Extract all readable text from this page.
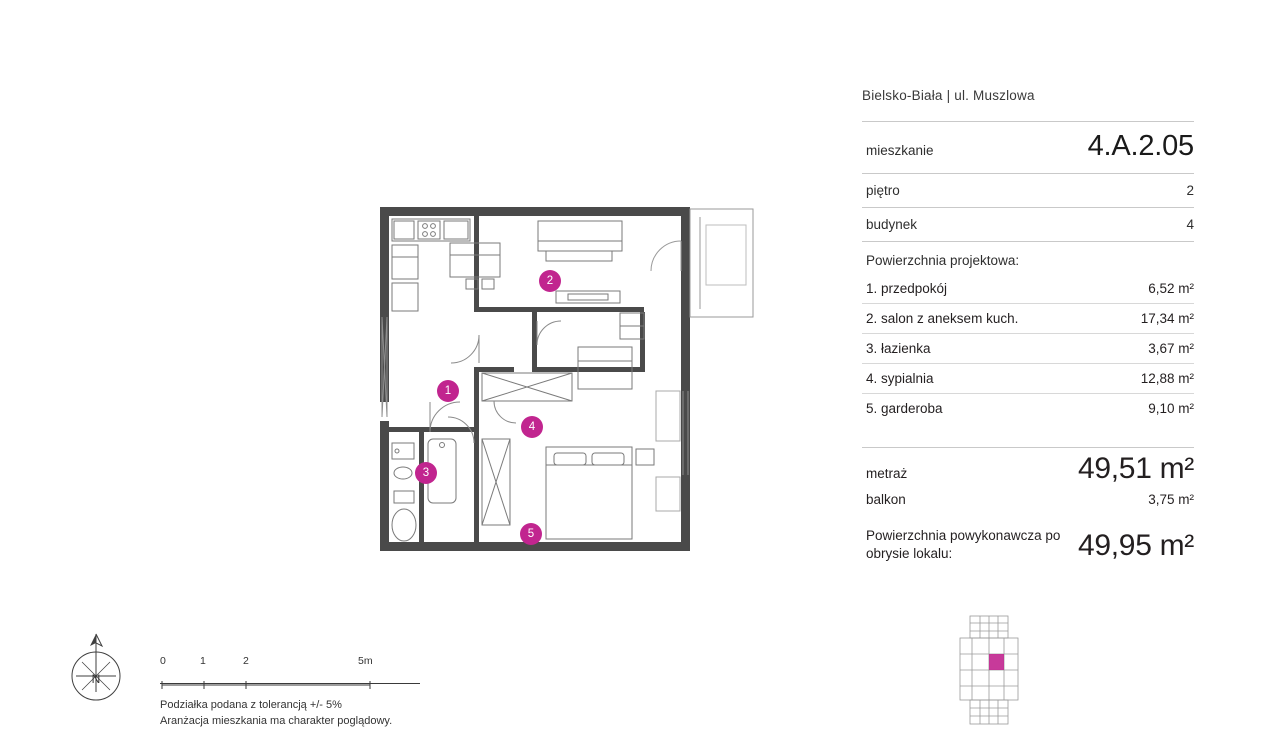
1
2
3
4
5
Bielsko-Biała | ul. Muszlowa
mieszkanie	4.A.2.05
piętro	2
budynek	4
Powierzchnia projektowa:
1. przedpokój	6,52 m²
2. salon z aneksem kuch.	17,34 m²
3. łazienka	3,67 m²
4. sypialnia	12,88 m²
5. garderoba	9,10 m²
metraż	49,51 m²
balkon	3,75 m²
Powierzchnia powykonawcza po obrysie lokalu:	49,95 m²
N
0	1	2	5m
Podziałka podana z tolerancją +/- 5%
Aranżacja mieszkania ma charakter poglądowy.
